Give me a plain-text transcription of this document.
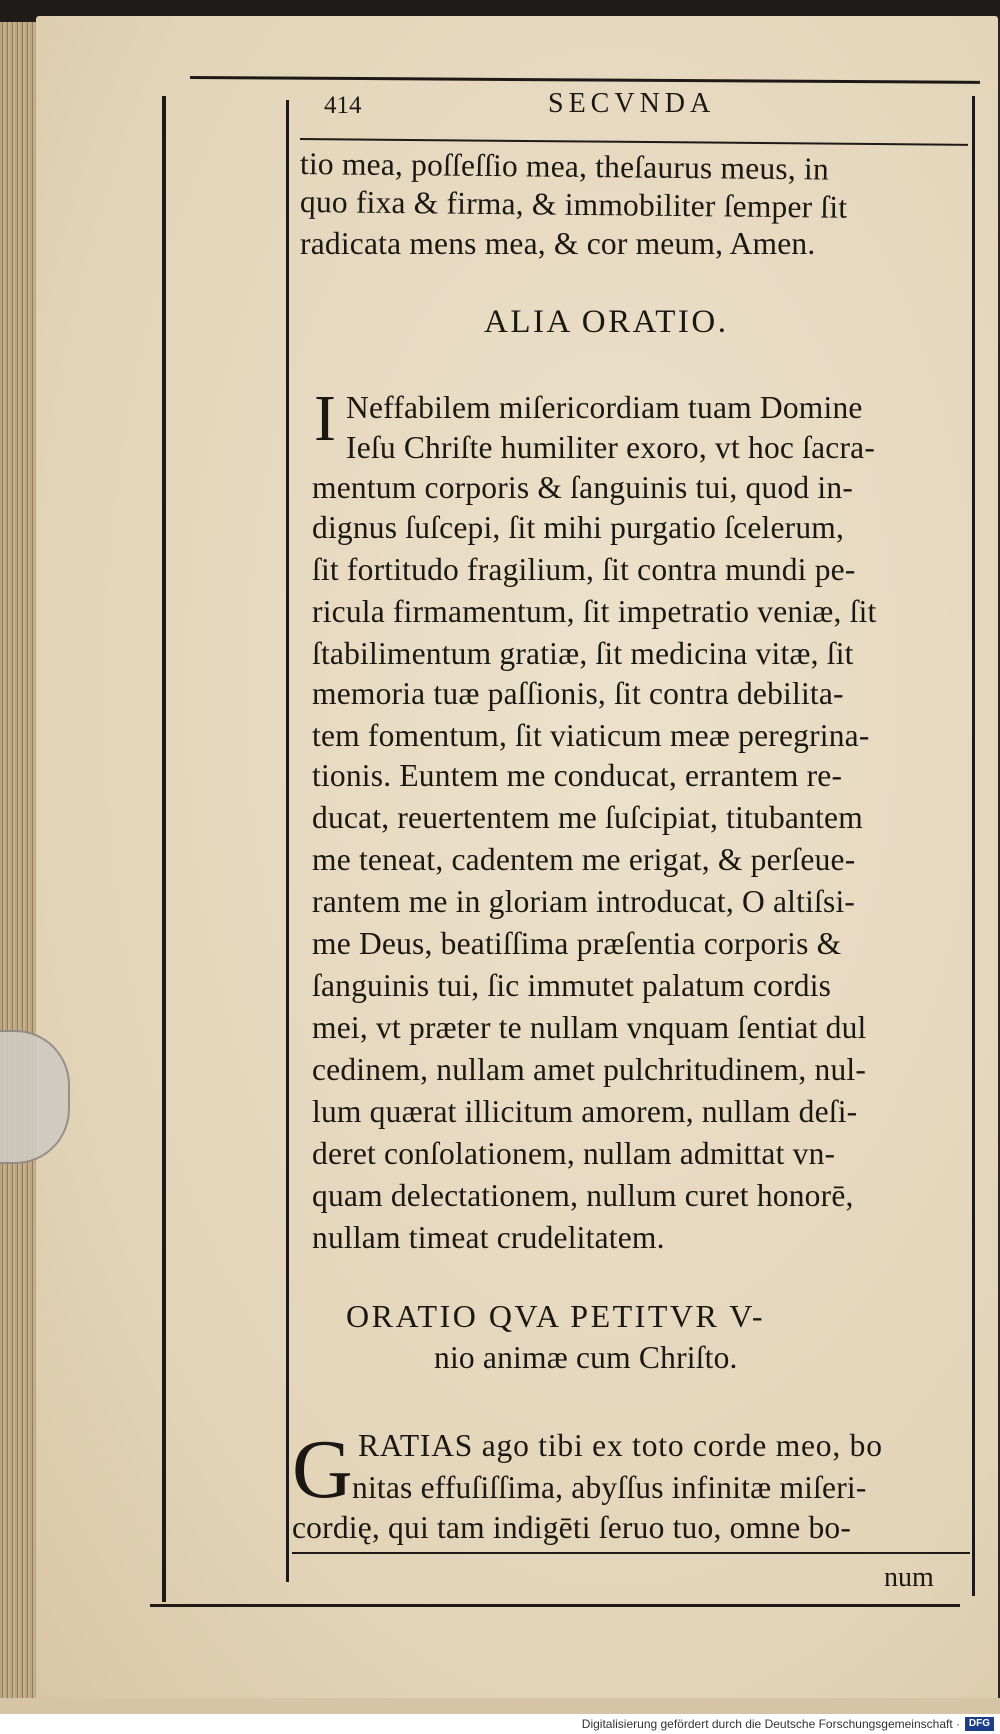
414	SECVNDA
tio mea, poſſeſſio mea, theſaurus meus, in
quo fixa & firma, & immobiliter ſemper ſit
radicata mens mea, & cor meum, Amen.
ALIA ORATIO.
I Neffabilem miſericordiam tuam Domine
Ieſu Chriſte humiliter exoro, vt hoc ſacra-
mentum corporis & ſanguinis tui, quod in-
dignus ſuſcepi, ſit mihi purgatio ſcelerum,
ſit fortitudo fragilium, ſit contra mundi pe-
ricula firmamentum, ſit impetratio veniæ, ſit
ſtabilimentum gratiæ, ſit medicina vitæ, ſit
memoria tuæ paſſionis, ſit contra debilita-
tem fomentum, ſit viaticum meæ peregrina-
tionis. Euntem me conducat, errantem re-
ducat, reuertentem me ſuſcipiat, titubantem
me teneat, cadentem me erigat, & perſeue-
rantem me in gloriam introducat, O altiſsi-
me Deus, beatiſſima præſentia corporis &
ſanguinis tui, ſic immutet palatum cordis
mei, vt præter te nullam vnquam ſentiat dul
cedinem, nullam amet pulchritudinem, nul-
lum quærat illicitum amorem, nullam deſi-
deret conſolationem, nullam admittat vn-
quam delectationem, nullum curet honorē,
nullam timeat crudelitatem.
ORATIO QVA PETITVR V-
nio animæ cum Chriſto.
G RATIAS ago tibi ex toto corde meo, bo
nitas effuſiſſima, abyſſus infinitæ miſeri-
cordię, qui tam indigēti ſeruo tuo, omne bo-
num
Digitalisierung gefördert durch die Deutsche Forschungsgemeinschaft · DFG
